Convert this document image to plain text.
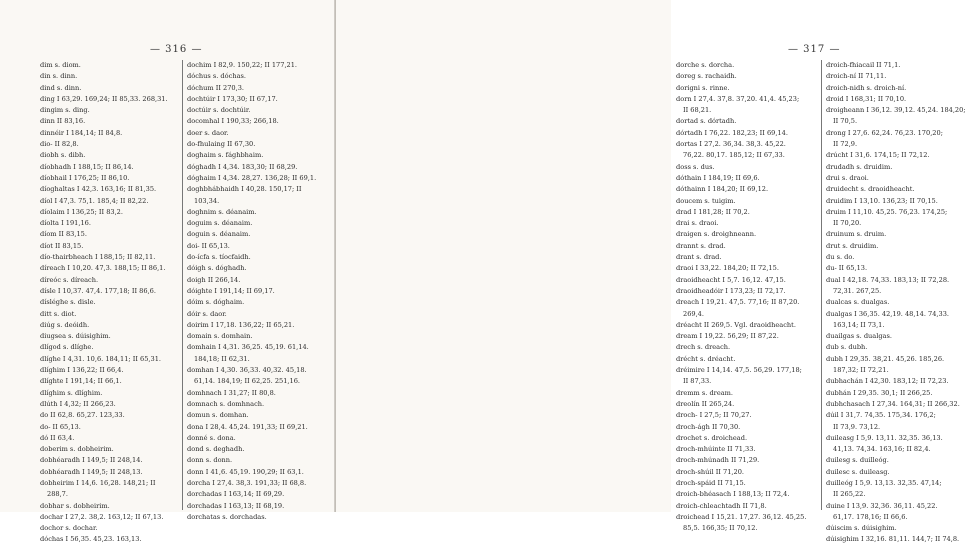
— 316 —
dim s. diom.
din s. dinn.
dind s. dinn.
ding I 63,29. 169,24; II 85,33. 268,31.
dingim s. ding.
dinn II 83,16.
dinnéir I 184,14; II 84,8.
dio- II 82,8.
diobh s. dibh.
díobhadh I 188,15; II 86,14.
díobhail I 176,25; II 86,10.
díoghaltas I 42,3. 163,16; II 81,35.
díol I 47,3. 75,1. 185,4; II 82,22.
díolaim I 136,25; II 83,2.
díolta I 191,16.
díom II 83,15.
díot II 83,15.
dío-thairbheach I 188,15; II 82,11.
díreach I 10,20. 47,3. 188,15; II 86,1.
díreóc s. díreach.
dísle I 10,37. 47,4. 177,18; II 86,6.
dísléghe s. disle.
ditt s. diot.
diúg s. deóidh.
diugsea s. dúisighim.
dlígod s. dlíghe.
dlíghe I 4,31. 10,6. 184,11; II 65,31.
dlíghim I 136,22; II 66,4.
dlíghte I 191,14; II 66,1.
dlíghim s. dlíghim.
dlúth I 4,32; II 266,23.
do II 62,8. 65,27. 123,33.
do- II 65,13.
dó II 63,4.
doberim s. dobheirim.
dobhéaradh I 149,5; II 248,14.
dobhéaradh I 149,5; II 248,13.
dobheirim I 14,6. 16,28. 148,21; II
288,7.
dobhar s. dobheirim.
dochar I 27,2. 38,2. 163,12; II 67,13.
dochor s. dochar.
dóchas I 56,35. 45,23. 163,13.
dochim I 82,9. 150,22; II 177,21.
dóchus s. dóchas.
dóchum II 270,3.
dochtúir I 173,30; II 67,17.
doctúir s. dochtúir.
docomhal I 190,33; 266,18.
doer s. daor.
do-fhulaing II 67,30.
doghaim s. fághbhaim.
dóghadh I 4,34. 183,30; II 68,29.
dóghaim I 4,34. 28,27. 136,28; II 69,1.
doghbhábhaidh I 40,28. 150,17; II
103,34.
doghnim s. déanaim.
doguim s. déanaim.
doguin s. déanaim.
doi- II 65,13.
do-ícfa s. tíocfaidh.
dóigh s. dóghadh.
doigh II 266,14.
dóighte I 191,14; II 69,17.
dóim s. dóghaim.
dóir s. daor.
doirim I 17,18. 136,22; II 65,21.
domain s. domhain.
domhain I 4,31. 36,25. 45,19. 61,14.
184,18; II 62,31.
domhan I 4,30. 36,33. 40,32. 45,18.
61,14. 184,19; II 62,25. 251,16.
domhnach I 31,27; II 80,8.
domnach s. domhnach.
domun s. domhan.
dona I 28,4. 45,24. 191,33; II 69,21.
donné s. dona.
dond s. deghadh.
donn s. donn.
donn I 41,6. 45,19. 190,29; II 63,1.
dorcha I 27,4. 38,3. 191,33; II 68,8.
dorchadas I 163,14; II 69,29.
dorchadas I 163,13; II 68,19.
dorchatas s. dorchadas.
— 317 —
dorche s. dorcha.
doreg s. rachaidh.
dorigni s. rinne.
dorn I 27,4. 37,8. 37,20. 41,4. 45,23;
II 68,21.
dortad s. dórtadh.
dórtadh I 76,22. 182,23; II 69,14.
dortas I 27,2. 36,34. 38,3. 45,22.
76,22. 80,17. 185,12; II 67,33.
doss s. dus.
dóthain I 184,19; II 69,6.
dóthainn I 184,20; II 69,12.
doucem s. tuigim.
drad I 181,28; II 70,2.
drai s. draoi.
draigen s. droighneann.
drannt s. drad.
drant s. drad.
draoi I 33,22. 184,20; II 72,15.
draoidheacht I 5,7. 16,12. 47,15.
draoidheadóir I 173,23; II 72,17.
dreach I 19,21. 47,5. 77,16; II 87,20.
269,4.
dréacht II 269,5. Vgl. draoidheacht.
dream I 19,22. 56,29; II 87,22.
drech s. dreach.
drécht s. dréacht.
dréimire I 14,14. 47,5. 56,29. 177,18;
II 87,33.
dremm s. dream.
dreolín II 265,24.
droch- I 27,5; II 70,27.
droch-ágh II 70,30.
drochet s. droichead.
droch-mhúinte II 71,33.
droch-mhúnadh II 71,29.
droch-shúil II 71,20.
droch-spáid II 71,15.
droich-bhéasach I 188,13; II 72,4.
droich-chleachtadh II 71,8.
droichead I 15,21. 17,27. 36,12. 45,25.
85,5. 166,35; II 70,12.
droich-fhiacail II 71,1.
droich-ní II 71,11.
droich-nidh s. droich-ní.
droid I 168,31; II 70,10.
droigheann I 36,12. 39,12. 45,24. 184,20;
II 70,5.
drong I 27,6. 62,24. 76,23. 170,20;
II 72,9.
drúcht I 31,6. 174,15; II 72,12.
drudadh s. druidim.
drui s. draoi.
druidecht s. draoidheacht.
druidim I 13,10. 136,23; II 70,15.
druim I 11,10. 45,25. 76,23. 174,25;
II 70,20.
druinum s. druim.
drut s. druidim.
du s. do.
du- II 65,13.
dual I 42,18. 74,33. 183,13; II 72,28.
72,31. 267,25.
dualcas s. dualgas.
dualgas I 36,35. 42,19. 48,14. 74,33.
163,14; II 73,1.
duailgas s. dualgas.
dub s. dubh.
dubh I 29,35. 38,21. 45,26. 185,26.
187,32; II 72,21.
dubhachán I 42,30. 183,12; II 72,23.
dubhán I 29,35. 30,1; II 266,25.
dubhchasach I 27,34. 164,31; II 266,32.
dúil I 31,7. 74,35. 175,34. 176,2;
II 73,9. 73,12.
duileasg I 5,9. 13,11. 32,35. 36,13.
41,13. 74,34. 163,16; II 82,4.
duilesg s. duilleóg.
duilesc s. duileasg.
duilleóg I 5,9. 13,13. 32,35. 47,14;
II 265,22.
duine I 13,9. 32,36. 36,11. 45,22.
61,17. 178,16; II 66,6.
dúiscim s. dúisighim.
dúisighim I 32,16. 81,11. 144,7; II 74,8.
